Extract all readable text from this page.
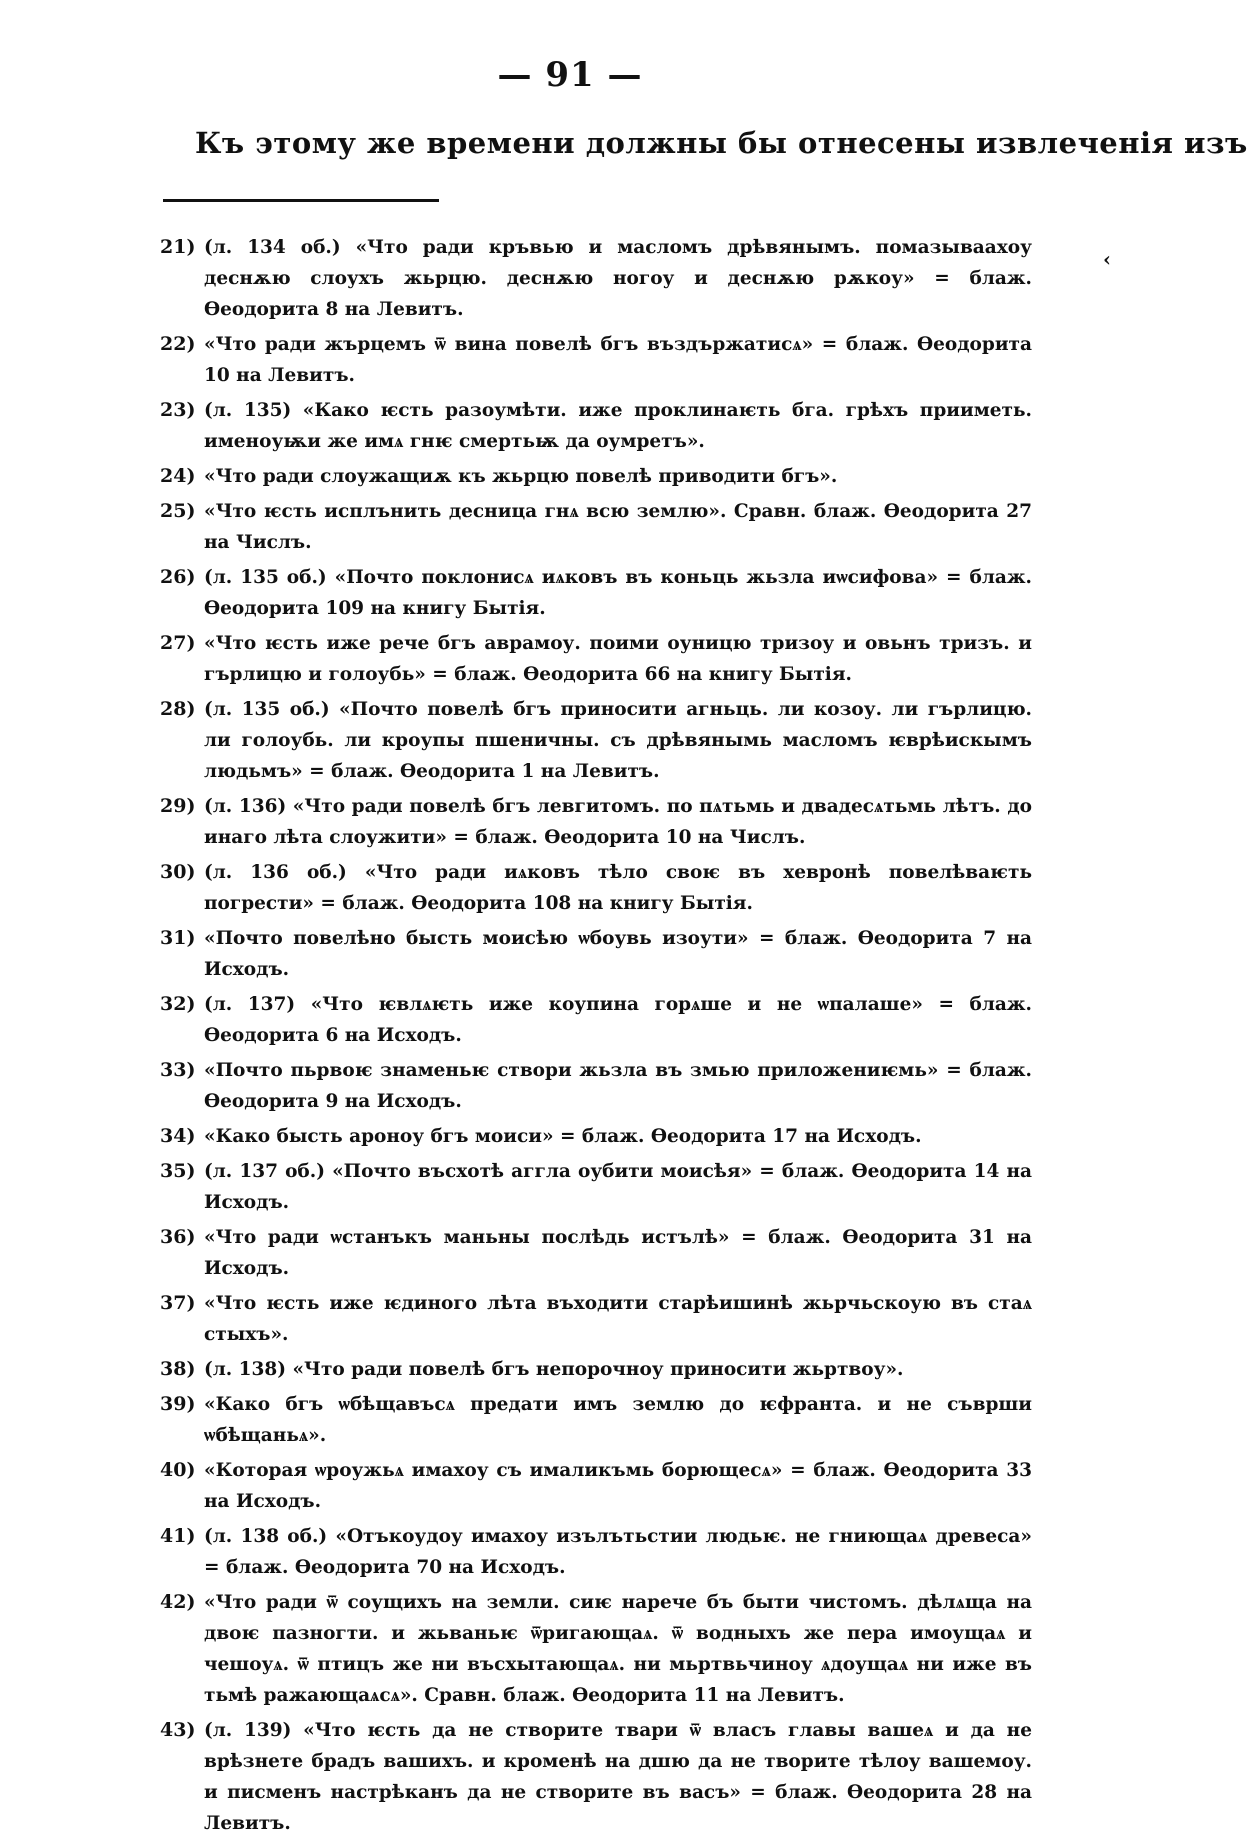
— 91 —
Къ этому же времени должны бы отнесены извлеченія изъ
‹
21) (л. 134 об.) «Что ради кръвью и масломъ дрѣвянымъ. помазываахоу деснѫю слоухъ жьрцю. деснѫю ногоу и деснѫю рѫкоу» = блаж. Өеодорита 8 на Левитъ.
22) «Что ради жърцемъ ѿ вина повелѣ бгъ въздържатисѧ» = блаж. Өеодорита 10 на Левитъ.
23) (л. 135) «Како ѥсть разоумѣти. иже проклинаѥть бга. грѣхъ прииметь. именоуѭи же имѧ гнѥ смертьѭ да оумретъ».
24) «Что ради слоужащиѫ къ жьрцю повелѣ приводити бгъ».
25) «Что ѥсть исплънить десница гнѧ всю землю». Сравн. блаж. Өеодорита 27 на Числъ.
26) (л. 135 об.) «Почто поклонисѧ иѧковъ въ коньць жьзла иѡсифова» = блаж. Өеодорита 109 на книгу Бытія.
27) «Что ѥсть иже рече бгъ аврамоу. поими оуницю тризоу и овьнъ тризъ. и гърлицю и голоубь» = блаж. Өеодорита 66 на книгу Бытія.
28) (л. 135 об.) «Почто повелѣ бгъ приносити агньць. ли козоу. ли гърлицю. ли голоубь. ли кроупы пшеничны. съ дрѣвянымь масломъ ѥврѣискымъ людьмъ» = блаж. Өеодорита 1 на Левитъ.
29) (л. 136) «Что ради повелѣ бгъ левгитомъ. по пѧтьмь и двадесѧтьмь лѣтъ. до инаго лѣта слоужити» = блаж. Өеодорита 10 на Числъ.
30) (л. 136 об.) «Что ради иѧковъ тѣло своѥ въ хевронѣ повелѣваѥть погрести» = блаж. Өеодорита 108 на книгу Бытія.
31) «Почто повелѣно бысть моисѣю ѡбоувь изоути» = блаж. Өеодорита 7 на Исходъ.
32) (л. 137) «Что ѥвлѧѥть иже коупина горѧше и не ѡпалаше» = блаж. Өеодорита 6 на Исходъ.
33) «Почто пьрвоѥ знаменьѥ створи жьзла въ змью приложениѥмь» = блаж. Өеодорита 9 на Исходъ.
34) «Како бысть ароноу бгъ моиси» = блаж. Өеодорита 17 на Исходъ.
35) (л. 137 об.) «Почто въсхотѣ аггла оубити моисѣя» = блаж. Өеодорита 14 на Исходъ.
36) «Что ради ѡстанъкъ маньны послѣдь истълѣ» = блаж. Өеодорита 31 на Исходъ.
37) «Что ѥсть иже ѥдиного лѣта въходити старѣишинѣ жьрчьскоую въ стаѧ стыхъ».
38) (л. 138) «Что ради повелѣ бгъ непорочноу приносити жьртвоу».
39) «Како бгъ ѡбѣщавъсѧ предати имъ землю до ѥфранта. и не съврши ѡбѣщаньѧ».
40) «Которая ѡроужьѧ имахоу съ ималикъмь борющесѧ» = блаж. Өеодорита 33 на Исходъ.
41) (л. 138 об.) «Отъкоудоу имахоу изълътьстии людьѥ. не гниющаѧ древеса» = блаж. Өеодорита 70 на Исходъ.
42) «Что ради ѿ соущихъ на земли. сиѥ нарече бъ быти чистомъ. дѣлѧща на двоѥ пазногти. и жьваньѥ ѿригающаѧ. ѿ водныхъ же пера имоущаѧ и чешоуѧ. ѿ птицъ же ни въсхытающаѧ. ни мьртвьчиноу ѧдоущаѧ ни иже въ тьмѣ ражающаѧсѧ». Сравн. блаж. Өеодорита 11 на Левитъ.
43) (л. 139) «Что ѥсть да не створите твари ѿ власъ главы вашеѧ и да не врѣзнете брадъ вашихъ. и кроменѣ на дшю да не творите тѣлоу вашемоу. и писменъ настрѣканъ да не створите въ васъ» = блаж. Өеодорита 28 на Левитъ.
